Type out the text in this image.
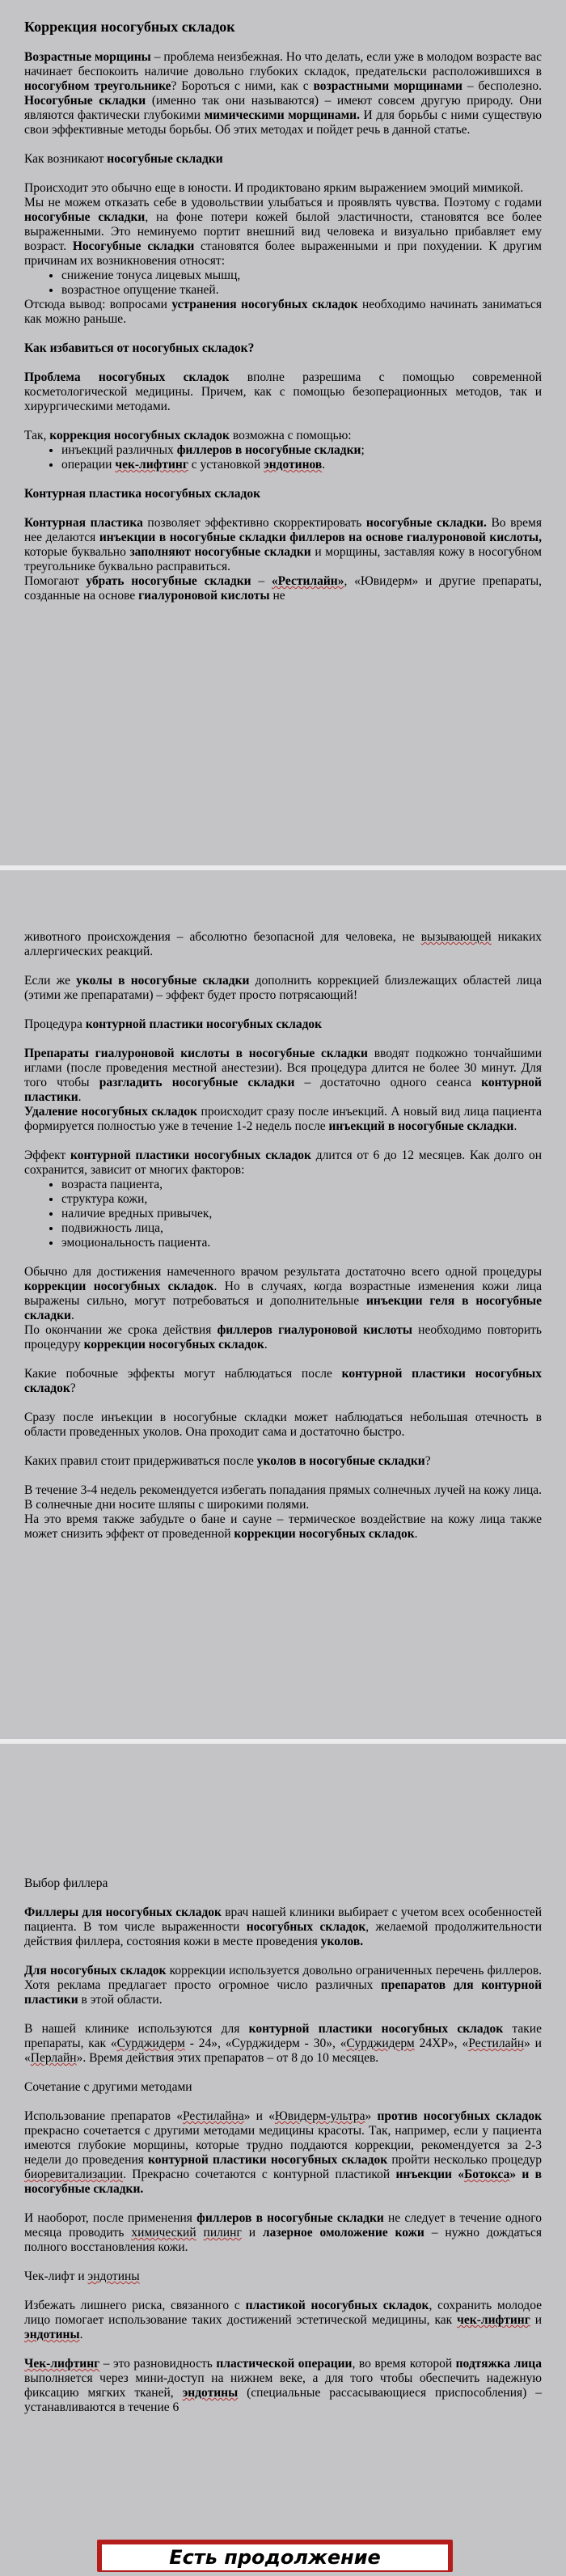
Коррекция носогубных складок

Возрастные морщины – проблема неизбежная. Но что делать, если уже в молодом возрасте вас начинает беспокоить наличие довольно глубоких складок, предательски расположившихся в носогубном треугольнике? Бороться с ними, как с возрастными морщинами – бесполезно. Носогубные складки (именно так они называются) – имеют совсем другую природу. Они являются фактически глубокими мимическими морщинами. И для борьбы с ними существую свои эффективные методы борьбы. Об этих методах и пойдет речь в данной статье.

Как возникают носогубные складки

Происходит это обычно еще в юности. И продиктовано ярким выражением эмоций мимикой.

Мы не можем отказать себе в удовольствии улыбаться и проявлять чувства. Поэтому с годами носогубные складки, на фоне потери кожей былой эластичности, становятся все более выраженными. Это неминуемо портит внешний вид человека и визуально прибавляет ему возраст. Носогубные складки становятся более выраженными и при похудении. К другим причинам их возникновения относят:

• снижение тонуса лицевых мышц,
• возрастное опущение тканей.

Отсюда вывод: вопросами устранения носогубных складок необходимо начинать заниматься как можно раньше.

Как избавиться от носогубных складок?

Проблема носогубных складок вполне разрешима с помощью современной косметологической медицины. Причем, как с помощью безоперационных методов, так и хирургическими методами.

Так, коррекция носогубных складок возможна с помощью:

• инъекций различных филлеров в носогубные складки;
• операции чек-лифтинг с установкой эндотинов.
Контурная пластика носогубных складок

Контурная пластика позволяет эффективно скорректировать носогубные складки. Во время нее делаются инъекции в носогубные складки филлеров на основе гиалуроновой кислоты, которые буквально заполняют носогубные складки и морщины, заставляя кожу в носогубном треугольнике буквально расправиться.

Помогают убрать носогубные складки – «Рестилайн», «Ювидерм» и другие препараты, созданные на основе гиалуроновой кислоты не

животного происхождения – абсолютно безопасной для человека, не вызывающей никаких аллергических реакций.

Если же уколы в носогубные складки дополнить коррекцией близлежащих областей лица (этими же препаратами) – эффект будет просто потрясающий!

Процедура контурной пластики носогубных складок

Препараты гиалуроновой кислоты в носогубные складки вводят подкожно тончайшими иглами (после проведения местной анестезии). Вся процедура длится не более 30 минут. Для того чтобы разгладить носогубные складки – достаточно одного сеанса контурной пластики.

Удаление носогубных складок происходит сразу после инъекций. А новый вид лица пациента формируется полностью уже в течение 1-2 недель после инъекций в носогубные складки.

Эффект контурной пластики носогубных складок длится от 6 до 12 месяцев. Как долго он сохранится, зависит от многих факторов:

• возраста пациента,
• структура кожи,
• наличие вредных привычек,
• подвижность лица,
• эмоциональность пациента.

Обычно для достижения намеченного врачом результата достаточно всего одной процедуры коррекции носогубных складок. Но в случаях, когда возрастные изменения кожи лица выражены сильно, могут потребоваться и дополнительные инъекции геля в носогубные складки.

По окончании же срока действия филлеров гиалуроновой кислоты необходимо повторить процедуру коррекции носогубных складок.

Какие побочные эффекты могут наблюдаться после контурной пластики носогубных складок?

Сразу после инъекции в носогубные складки может наблюдаться небольшая отечность в области проведенных уколов. Она проходит сама и достаточно быстро.

Каких правил стоит придерживаться после уколов в носогубные складки?

В течение 3-4 недель рекомендуется избегать попадания прямых солнечных лучей на кожу лица. В солнечные дни носите шляпы с широкими полями.

На это время также забудьте о бане и сауне – термическое воздействие на кожу лица также может снизить эффект от проведенной коррекции носогубных складок.

Выбор филлера

Филлеры для носогубных складок врач нашей клиники выбирает с учетом всех особенностей пациента. В том числе выраженности носогубных складок, желаемой продолжительности действия филлера, состояния кожи в месте проведения уколов.

Для носогубных складок коррекции используется довольно ограниченных перечень филлеров. Хотя реклама предлагает просто огромное число различных препаратов для контурной пластики в этой области.

В нашей клинике используются для контурной пластики носогубных складок такие препараты, как «Сурджидерм - 24», «Сурджидерм - 30», «Сурджидерм 24XP», «Рестилайн» и «Перлайн». Время действия этих препаратов – от 8 до 10 месяцев.

Сочетание с другими методами

Использование препаратов «Рестилайна» и «Ювидерм-ультра» против носогубных складок прекрасно сочетается с другими методами медицины красоты. Так, например, если у пациента имеются глубокие морщины, которые трудно поддаются коррекции, рекомендуется за 2-3 недели до проведения контурной пластики носогубных складок пройти несколько процедур биоревитализации. Прекрасно сочетаются с контурной пластикой инъекции «Ботокса» и в носогубные складки.

И наоборот, после применения филлеров в носогубные складки не следует в течение одного месяца проводить химический пилинг и лазерное омоложение кожи – нужно дождаться полного восстановления кожи.

Чек-лифт и эндотины

Избежать лишнего риска, связанного с пластикой носогубных складок, сохранить молодое лицо помогает использование таких достижений эстетической медицины, как чек-лифтинг и эндотины.

Чек-лифтинг – это разновидность пластической операции, во время которой подтяжка лица выполняется через мини-доступ на нижнем веке, а для того чтобы обеспечить надежную фиксацию мягких тканей, эндотины (специальные рассасывающиеся приспособления) – устанавливаются в течение 6

Есть продолжение
